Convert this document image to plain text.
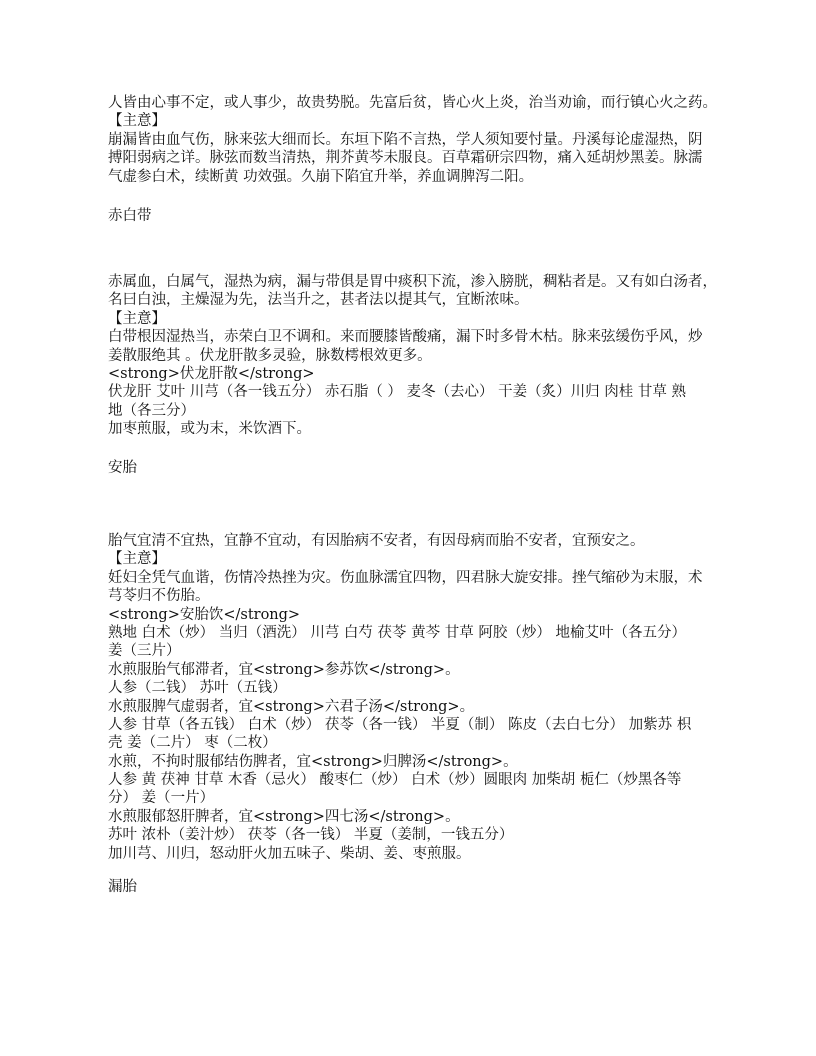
人皆由心事不定，或人事少，故贵势脱。先富后贫，皆心火上炎，治当劝谕，而行镇心火之药。
【主意】
崩漏皆由血气伤，脉来弦大细而长。东垣下陷不言热，学人须知要忖量。丹溪每论虚湿热，阴
搏阳弱病之详。脉弦而数当清热，荆芥黄芩未服良。百草霜研宗四物，痛入延胡炒黑姜。脉濡
气虚参白术，续断黄 功效强。久崩下陷宜升举，养血调脾泻二阳。
赤白带
赤属血，白属气，湿热为病，漏与带俱是胃中痰积下流，渗入膀胱，稠粘者是。又有如白汤者，
名曰白浊，主燥湿为先，法当升之，甚者法以提其气，宜断浓味。
【主意】
白带根因湿热当，赤荣白卫不调和。来而腰膝皆酸痛，漏下时多骨木枯。脉来弦缓伤乎风，炒
姜散服绝其 。伏龙肝散多灵验，脉数樗根效更多。
<strong>伏龙肝散</strong>
伏龙肝 艾叶 川芎（各一钱五分） 赤石脂（ ） 麦冬（去心） 干姜（炙）川归 肉桂 甘草 熟
地（各三分）
加枣煎服，或为末，米饮酒下。
安胎
胎气宜清不宜热，宜静不宜动，有因胎病不安者，有因母病而胎不安者，宜预安之。
【主意】
妊妇全凭气血谐，伤情冷热挫为灾。伤血脉濡宜四物，四君脉大旋安排。挫气缩砂为末服，术
芎苓归不伤胎。
<strong>安胎饮</strong>
熟地 白术（炒） 当归（酒洗） 川芎 白芍 茯苓 黄芩 甘草 阿胶（炒） 地榆艾叶（各五分）
姜（三片）
水煎服胎气郁滞者，宜<strong>参苏饮</strong>。
人参（二钱） 苏叶（五钱）
水煎服脾气虚弱者，宜<strong>六君子汤</strong>。
人参 甘草（各五钱） 白术（炒） 茯苓（各一钱） 半夏（制） 陈皮（去白七分） 加紫苏 枳
壳 姜（二片） 枣（二枚）
水煎，不拘时服郁结伤脾者，宜<strong>归脾汤</strong>。
人参 黄 茯神 甘草 木香（忌火） 酸枣仁（炒） 白术（炒）圆眼肉 加柴胡 栀仁（炒黑各等
分） 姜（一片）
水煎服郁怒肝脾者，宜<strong>四七汤</strong>。
苏叶 浓朴（姜汁炒） 茯苓（各一钱） 半夏（姜制，一钱五分）
加川芎、川归，怒动肝火加五味子、柴胡、姜、枣煎服。
漏胎
